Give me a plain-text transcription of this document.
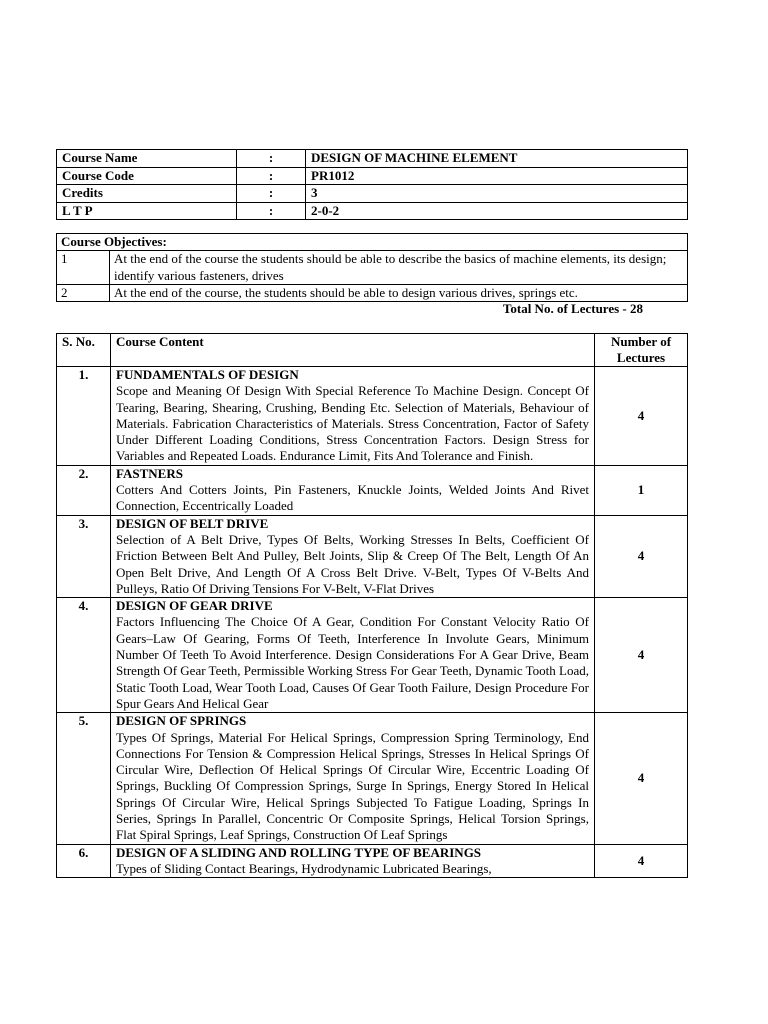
Course Name	:	DESIGN OF MACHINE ELEMENT
Course Code	:	PR1012
Credits	:	3
L T P	:	2-0-2
Course Objectives:	
1	At the end of the course the students should be able to describe the basics of machine elements, its design; identify various fasteners, drives
2	At the end of the course, the students should be able to design various drives, springs etc.
Total No. of Lectures - 28
S. No.	Course Content	Number of Lectures
1.	FUNDAMENTALS OF DESIGN
Scope and Meaning Of Design With Special Reference To Machine Design. Concept Of Tearing, Bearing, Shearing, Crushing, Bending Etc. Selection of Materials, Behaviour of Materials. Fabrication Characteristics of Materials. Stress Concentration, Factor of Safety Under Different Loading Conditions, Stress Concentration Factors. Design Stress for Variables and Repeated Loads. Endurance Limit, Fits And Tolerance and Finish.	4
2.	FASTNERS
Cotters And Cotters Joints, Pin Fasteners, Knuckle Joints, Welded Joints And Rivet Connection, Eccentrically Loaded	1
3.	DESIGN OF BELT DRIVE
Selection of A Belt Drive, Types Of Belts, Working Stresses In Belts, Coefficient Of Friction Between Belt And Pulley, Belt Joints, Slip & Creep Of The Belt, Length Of An Open Belt Drive, And Length Of A Cross Belt Drive. V-Belt, Types Of V-Belts And Pulleys, Ratio Of Driving Tensions For V-Belt, V-Flat Drives	4
4.	DESIGN OF GEAR DRIVE
Factors Influencing The Choice Of A Gear, Condition For Constant Velocity Ratio Of Gears–Law Of Gearing, Forms Of Teeth, Interference In Involute Gears, Minimum Number Of Teeth To Avoid Interference. Design Considerations For A Gear Drive, Beam Strength Of Gear Teeth, Permissible Working Stress For Gear Teeth, Dynamic Tooth Load, Static Tooth Load, Wear Tooth Load, Causes Of Gear Tooth Failure, Design Procedure For Spur Gears And Helical Gear	4
5.	DESIGN OF SPRINGS
Types Of Springs, Material For Helical Springs, Compression Spring Terminology, End Connections For Tension & Compression Helical Springs, Stresses In Helical Springs Of Circular Wire, Deflection Of Helical Springs Of Circular Wire, Eccentric Loading Of Springs, Buckling Of Compression Springs, Surge In Springs, Energy Stored In Helical Springs Of Circular Wire, Helical Springs Subjected To Fatigue Loading, Springs In Series, Springs In Parallel, Concentric Or Composite Springs, Helical Torsion Springs, Flat Spiral Springs, Leaf Springs, Construction Of Leaf Springs	4
6.	DESIGN OF A SLIDING AND ROLLING TYPE OF BEARINGS
Types of Sliding Contact Bearings, Hydrodynamic Lubricated Bearings,	4
